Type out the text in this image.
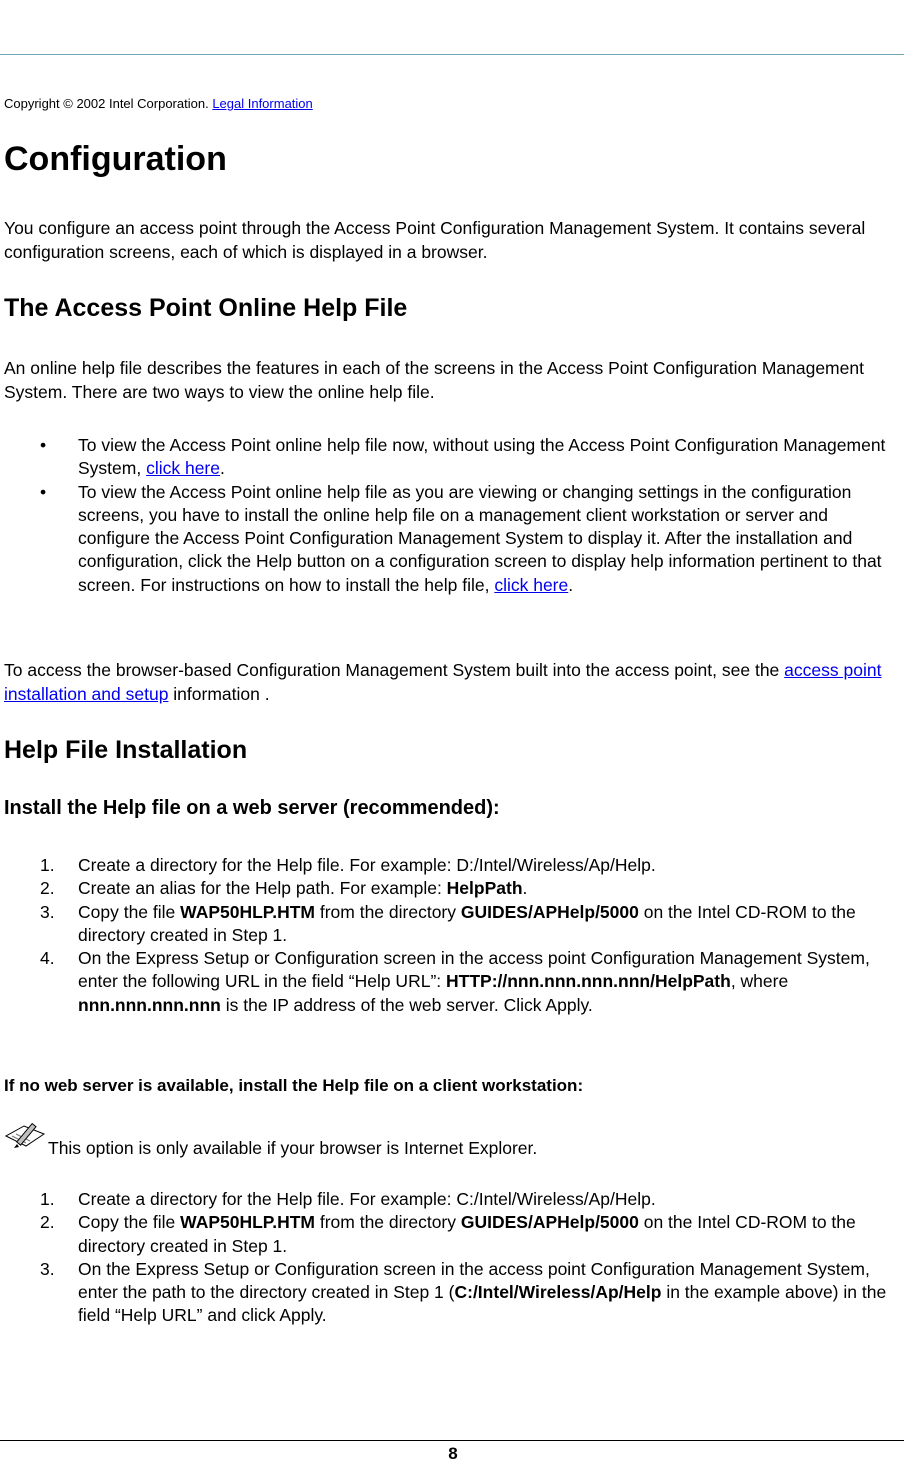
Copyright © 2002 Intel Corporation. Legal Information
Configuration

You configure an access point through the Access Point Configuration Management System. It contains several configuration screens, each of which is displayed in a browser.

The Access Point Online Help File

An online help file describes the features in each of the screens in the Access Point Configuration Management System. There are two ways to view the online help file.

• To view the Access Point online help file now, without using the Access Point Configuration Management System, click here.
• To view the Access Point online help file as you are viewing or changing settings in the configuration screens, you have to install the online help file on a management client workstation or server and configure the Access Point Configuration Management System to display it. After the installation and configuration, click the Help button on a configuration screen to display help information pertinent to that screen. For instructions on how to install the help file, click here.

To access the browser-based Configuration Management System built into the access point, see the access point installation and setup information .

Help File Installation
Install the Help file on a web server (recommended):
1. Create a directory for the Help file. For example: D:/Intel/Wireless/Ap/Help.
2. Create an alias for the Help path. For example: HelpPath.
3. Copy the file WAP50HLP.HTM from the directory GUIDES/APHelp/5000 on the Intel CD-ROM to the directory created in Step 1.
4. On the Express Setup or Configuration screen in the access point Configuration Management System, enter the following URL in the field “Help URL”: HTTP://nnn.nnn.nnn.nnn/HelpPath, where nnn.nnn.nnn.nnn is the IP address of the web server. Click Apply.
If no web server is available, install the Help file on a client workstation:
This option is only available if your browser is Internet Explorer.
1. Create a directory for the Help file. For example: C:/Intel/Wireless/Ap/Help.
2. Copy the file WAP50HLP.HTM from the directory GUIDES/APHelp/5000 on the Intel CD-ROM to the directory created in Step 1.
3. On the Express Setup or Configuration screen in the access point Configuration Management System, enter the path to the directory created in Step 1 (C:/Intel/Wireless/Ap/Help in the example above) in the field “Help URL” and click Apply.
8
